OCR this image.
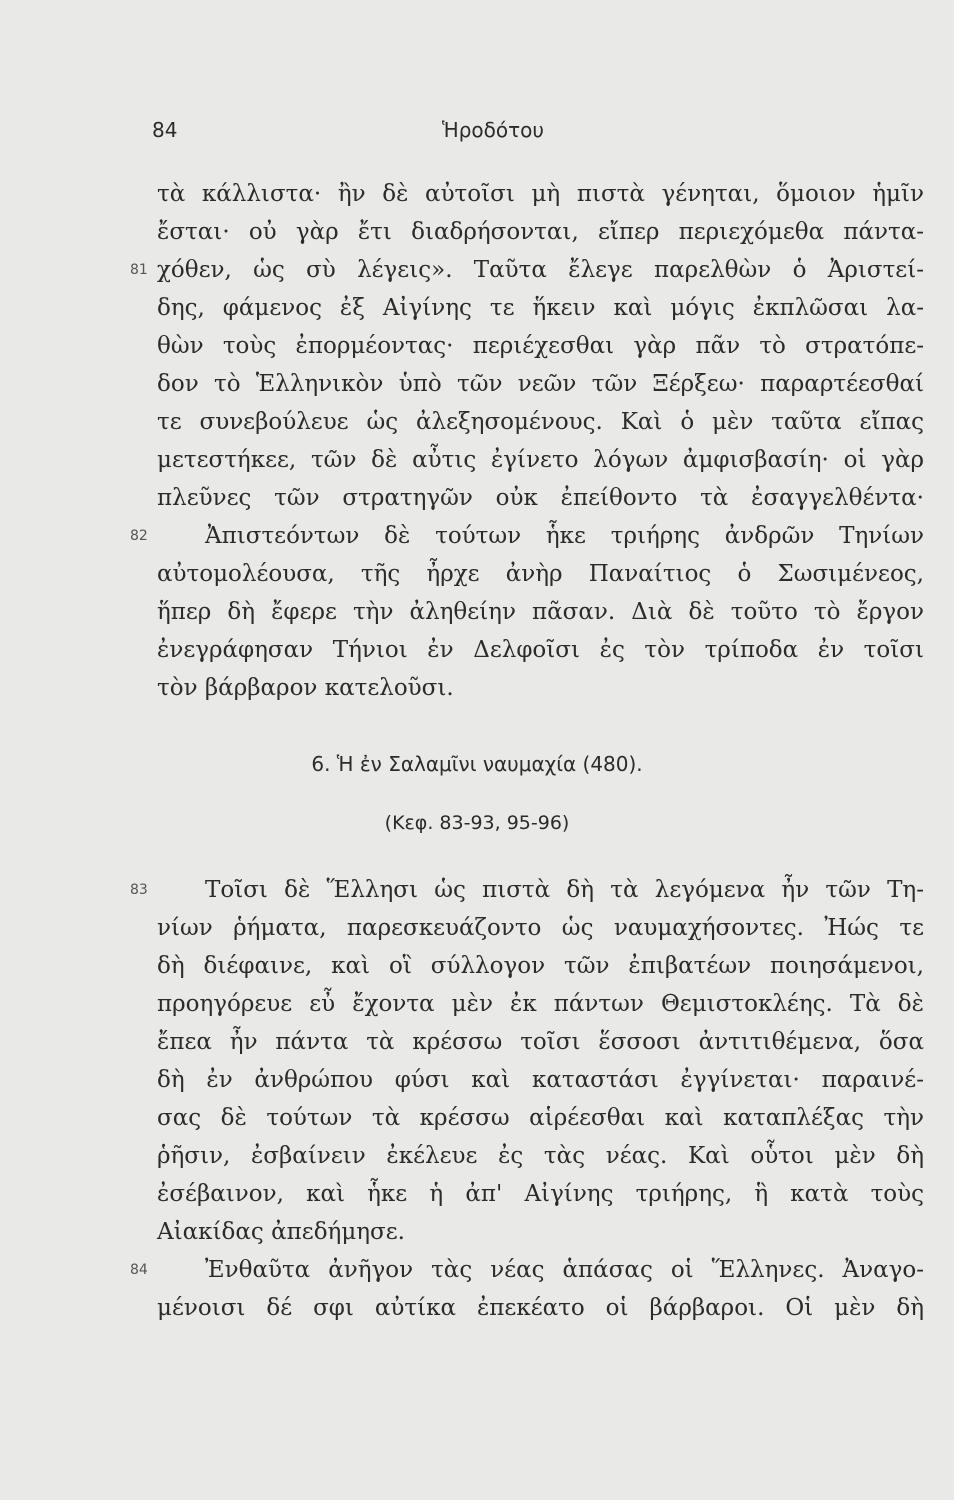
84	Ἡροδότου
τὰ κάλλιστα· ἢν δὲ αὐτοῖσι μὴ πιστὰ γένηται, ὅμοιον ἡμῖν
ἔσται· οὐ γὰρ ἔτι διαδρήσονται, εἴπερ περιεχόμεθα πάντα-
81 χόθεν, ὡς σὺ λέγεις». Ταῦτα ἔλεγε παρελθὼν ὁ Ἀριστεί-
δης, φάμενος ἐξ Αἰγίνης τε ἥκειν καὶ μόγις ἐκπλῶσαι λα-
θὼν τοὺς ἐπορμέοντας· περιέχεσθαι γὰρ πᾶν τὸ στρατόπε-
δον τὸ Ἑλληνικὸν ὑπὸ τῶν νεῶν τῶν Ξέρξεω· παραρτέεσθαί
τε συνεβούλευε ὡς ἀλεξησομένους. Καὶ ὁ μὲν ταῦτα εἴπας
μετεστήκεε, τῶν δὲ αὖτις ἐγίνετο λόγων ἀμφισβασίη· οἱ γὰρ
πλεῦνες τῶν στρατηγῶν οὐκ ἐπείθοντο τὰ ἐσαγγελθέντα·
82	Ἀπιστεόντων δὲ τούτων ἧκε τριήρης ἀνδρῶν Τηνίων
αὐτομολέουσα, τῆς ἦρχε ἀνὴρ Παναίτιος ὁ Σωσιμένεος,
ἥπερ δὴ ἔφερε τὴν ἀληθείην πᾶσαν. Διὰ δὲ τοῦτο τὸ ἔργον
ἐνεγράφησαν Τήνιοι ἐν Δελφοῖσι ἐς τὸν τρίποδα ἐν τοῖσι
τὸν βάρβαρον κατελοῦσι.
6. Ἡ ἐν Σαλαμῖνι ναυμαχία (480).
(Κεφ. 83-93, 95-96)
83	Τοῖσι δὲ Ἕλλησι ὡς πιστὰ δὴ τὰ λεγόμενα ἦν τῶν Τη-
νίων ῥήματα, παρεσκευάζοντο ὡς ναυμαχήσοντες. Ἠώς τε
δὴ διέφαινε, καὶ οἳ σύλλογον τῶν ἐπιβατέων ποιησάμενοι,
προηγόρευε εὖ ἔχοντα μὲν ἐκ πάντων Θεμιστοκλέης. Τὰ δὲ
ἔπεα ἦν πάντα τὰ κρέσσω τοῖσι ἕσσοσι ἀντιτιθέμενα, ὅσα
δὴ ἐν ἀνθρώπου φύσι καὶ καταστάσι ἐγγίνεται· παραινέ-
σας δὲ τούτων τὰ κρέσσω αἱρέεσθαι καὶ καταπλέξας τὴν
ῥῆσιν, ἐσβαίνειν ἐκέλευε ἐς τὰς νέας. Καὶ οὗτοι μὲν δὴ
ἐσέβαινον, καὶ ἧκε ἡ ἀπ' Αἰγίνης τριήρης, ἣ κατὰ τοὺς
Αἰακίδας ἀπεδήμησε.
84	Ἐνθαῦτα ἀνῆγον τὰς νέας ἁπάσας οἱ Ἕλληνες. Ἀναγο-
μένοισι δέ σφι αὐτίκα ἐπεκέατο οἱ βάρβαροι. Οἱ μὲν δὴ
